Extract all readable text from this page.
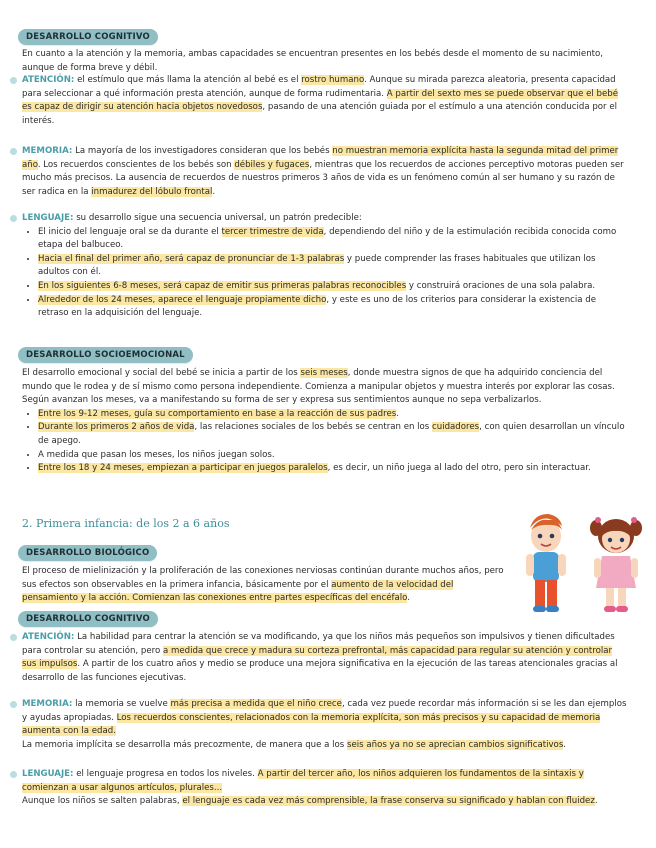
DESARROLLO COGNITIVO
En cuanto a la atención y la memoria, ambas capacidades se encuentran presentes en los bebés desde el momento de su nacimiento, aunque de forma breve y débil.
ATENCIÓN: el estímulo que más llama la atención al bebé es el rostro humano. Aunque su mirada parezca aleatoria, presenta capacidad para seleccionar a qué información presta atención, aunque de forma rudimentaria. A partir del sexto mes se puede observar que el bebé es capaz de dirigir su atención hacia objetos novedosos, pasando de una atención guiada por el estímulo a una atención conducida por el interés.
MEMORIA: La mayoría de los investigadores consideran que los bebés no muestran memoria explícita hasta la segunda mitad del primer año. Los recuerdos conscientes de los bebés son débiles y fugaces, mientras que los recuerdos de acciones perceptivo motoras pueden ser mucho más precisos. La ausencia de recuerdos de nuestros primeros 3 años de vida es un fenómeno común al ser humano y su razón de ser radica en la inmadurez del lóbulo frontal.
LENGUAJE: su desarrollo sigue una secuencia universal, un patrón predecible:
• El inicio del lenguaje oral se da durante el tercer trimestre de vida, dependiendo del niño y de la estimulación recibida conocida como etapa del balbuceo.
• Hacia el final del primer año, será capaz de pronunciar de 1-3 palabras y puede comprender las frases habituales que utilizan los adultos con él.
• En los siguientes 6-8 meses, será capaz de emitir sus primeras palabras reconocibles y construirá oraciones de una sola palabra.
• Alrededor de los 24 meses, aparece el lenguaje propiamente dicho, y este es uno de los criterios para considerar la existencia de retraso en la adquisición del lenguaje.
DESARROLLO SOCIOEMOCIONAL
El desarrollo emocional y social del bebé se inicia a partir de los seis meses, donde muestra signos de que ha adquirido conciencia del mundo que le rodea y de sí mismo como persona independiente. Comienza a manipular objetos y muestra interés por explorar las cosas.
Según avanzan los meses, va a manifestando su forma de ser y expresa sus sentimientos aunque no sepa verbalizarlos.
• Entre los 9-12 meses, guía su comportamiento en base a la reacción de sus padres.
• Durante los primeros 2 años de vida, las relaciones sociales de los bebés se centran en los cuidadores, con quien desarrollan un vínculo de apego.
• A medida que pasan los meses, los niños juegan solos.
• Entre los 18 y 24 meses, empiezan a participar en juegos paralelos, es decir, un niño juega al lado del otro, pero sin interactuar.
2. Primera infancia: de los 2 a 6 años
DESARROLLO BIOLÓGICO
El proceso de mielinización y la proliferación de las conexiones nerviosas continúan durante muchos años, pero sus efectos son observables en la primera infancia, básicamente por el aumento de la velocidad del pensamiento y la acción. Comienzan las conexiones entre partes específicas del encéfalo.
DESARROLLO COGNITIVO
ATENCIÓN: La habilidad para centrar la atención se va modificando, ya que los niños más pequeños son impulsivos y tienen dificultades para controlar su atención, pero a medida que crece y madura su corteza prefrontal, más capacidad para regular su atención y controlar sus impulsos. A partir de los cuatro años y medio se produce una mejora significativa en la ejecución de las tareas atencionales gracias al desarrollo de las funciones ejecutivas.
MEMORIA: la memoria se vuelve más precisa a medida que el niño crece, cada vez puede recordar más información si se les dan ejemplos y ayudas apropiadas. Los recuerdos conscientes, relacionados con la memoria explícita, son más precisos y su capacidad de memoria aumenta con la edad.
La memoria implícita se desarrolla más precozmente, de manera que a los seis años ya no se aprecian cambios significativos.
LENGUAJE: el lenguaje progresa en todos los niveles. A partir del tercer año, los niños adquieren los fundamentos de la sintaxis y comienzan a usar algunos artículos, plurales...
Aunque los niños se salten palabras, el lenguaje es cada vez más comprensible, la frase conserva su significado y hablan con fluidez.
